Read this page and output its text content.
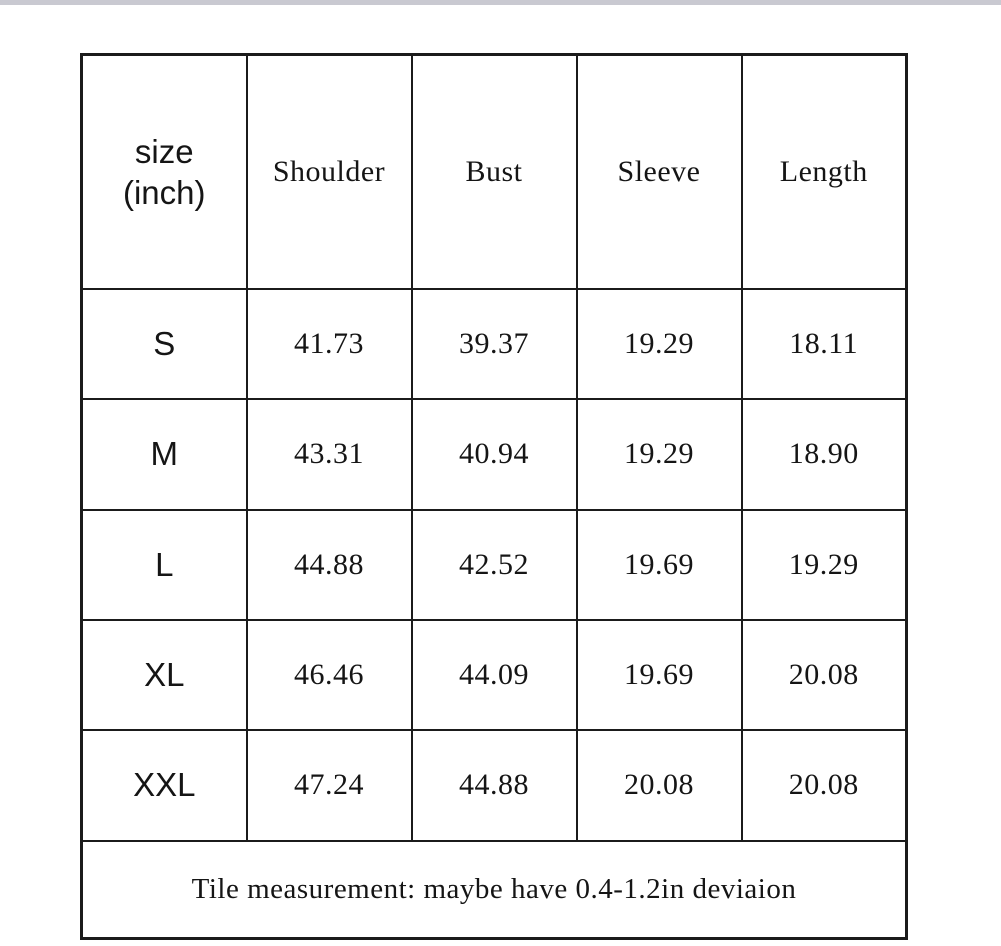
size
(inch)	Shoulder	Bust	Sleeve	Length
S	41.73	39.37	19.29	18.11
M	43.31	40.94	19.29	18.90
L	44.88	42.52	19.69	19.29
XL	46.46	44.09	19.69	20.08
XXL	47.24	44.88	20.08	20.08
Tile measurement: maybe have 0.4-1.2in deviaion				
